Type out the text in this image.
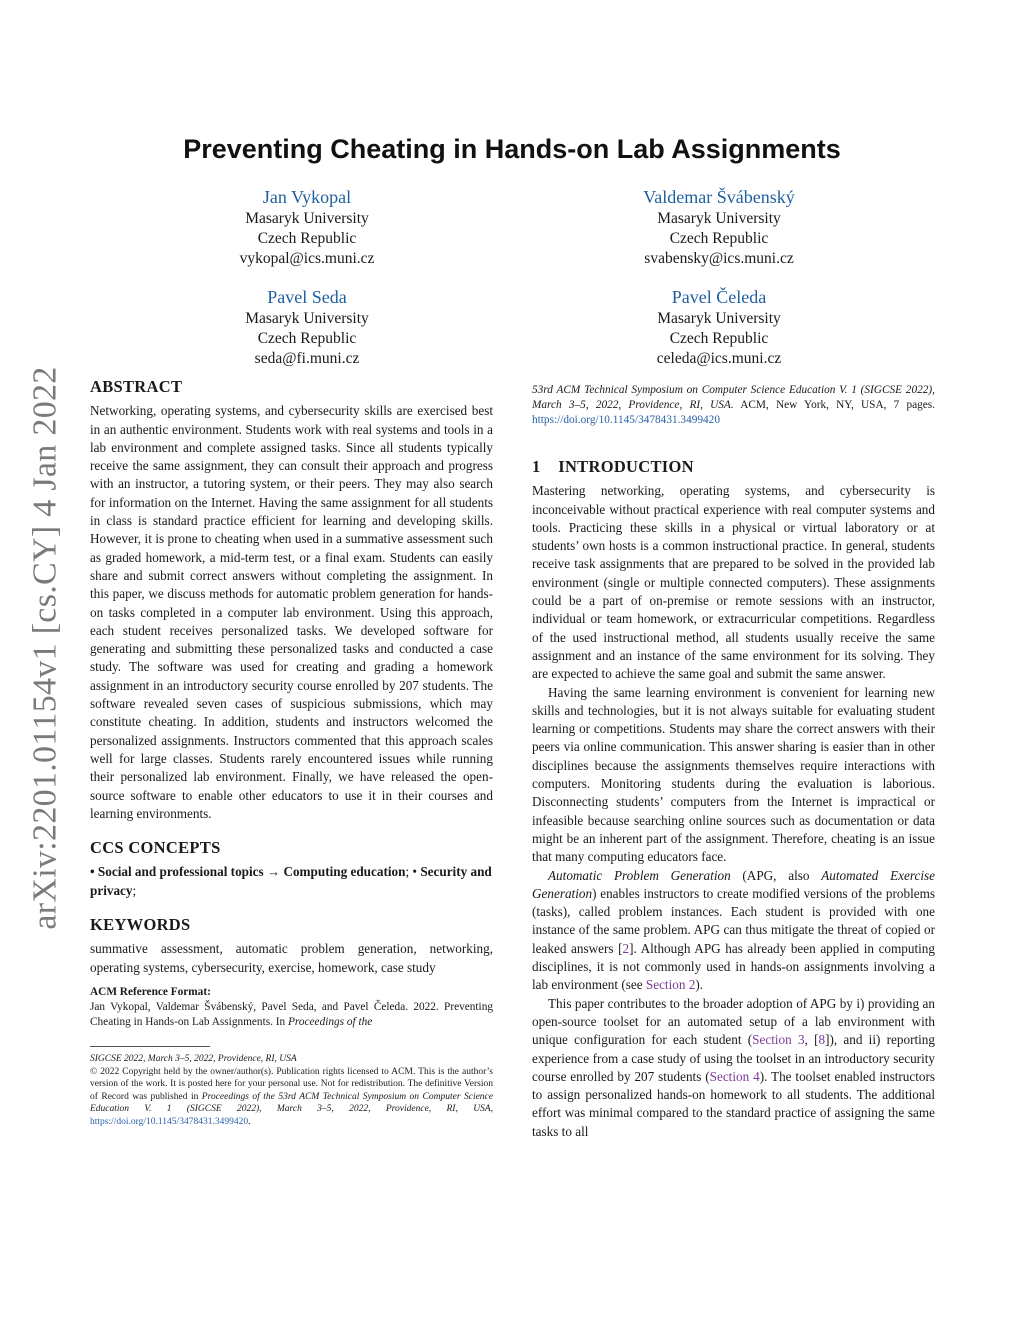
arXiv:2201.01154v1 [cs.CY] 4 Jan 2022
Preventing Cheating in Hands-on Lab Assignments
Jan Vykopal
Masaryk University
Czech Republic
vykopal@ics.muni.cz
Valdemar Švábenský
Masaryk University
Czech Republic
svabensky@ics.muni.cz
Pavel Seda
Masaryk University
Czech Republic
seda@fi.muni.cz
Pavel Čeleda
Masaryk University
Czech Republic
celeda@ics.muni.cz
ABSTRACT

Networking, operating systems, and cybersecurity skills are exercised best in an authentic environment. Students work with real systems and tools in a lab environment and complete assigned tasks. Since all students typically receive the same assignment, they can consult their approach and progress with an instructor, a tutoring system, or their peers. They may also search for information on the Internet. Having the same assignment for all students in class is standard practice efficient for learning and developing skills. However, it is prone to cheating when used in a summative assessment such as graded homework, a mid-term test, or a final exam. Students can easily share and submit correct answers without completing the assignment. In this paper, we discuss methods for automatic problem generation for hands-on tasks completed in a computer lab environment. Using this approach, each student receives personalized tasks. We developed software for generating and submitting these personalized tasks and conducted a case study. The software was used for creating and grading a homework assignment in an introductory security course enrolled by 207 students. The software revealed seven cases of suspicious submissions, which may constitute cheating. In addition, students and instructors welcomed the personalized assignments. Instructors commented that this approach scales well for large classes. Students rarely encountered issues while running their personalized lab environment. Finally, we have released the open-source software to enable other educators to use it in their courses and learning environments.

CCS CONCEPTS

• Social and professional topics → Computing education; • Security and privacy;

KEYWORDS

summative assessment, automatic problem generation, networking, operating systems, cybersecurity, exercise, homework, case study

ACM Reference Format:

Jan Vykopal, Valdemar Švábenský, Pavel Seda, and Pavel Čeleda. 2022. Preventing Cheating in Hands-on Lab Assignments. In Proceedings of the

SIGCSE 2022, March 3–5, 2022, Providence, RI, USA

© 2022 Copyright held by the owner/author(s). Publication rights licensed to ACM. This is the author’s version of the work. It is posted here for your personal use. Not for redistribution. The definitive Version of Record was published in Proceedings of the 53rd ACM Technical Symposium on Computer Science Education V. 1 (SIGCSE 2022), March 3–5, 2022, Providence, RI, USA, https://doi.org/10.1145/3478431.3499420.

53rd ACM Technical Symposium on Computer Science Education V. 1 (SIGCSE 2022), March 3–5, 2022, Providence, RI, USA. ACM, New York, NY, USA, 7 pages. https://doi.org/10.1145/3478431.3499420

1    INTRODUCTION

Mastering networking, operating systems, and cybersecurity is inconceivable without practical experience with real computer systems and tools. Practicing these skills in a physical or virtual laboratory or at students’ own hosts is a common instructional practice. In general, students receive task assignments that are prepared to be solved in the provided lab environment (single or multiple connected computers). These assignments could be a part of on-premise or remote sessions with an instructor, individual or team homework, or extracurricular competitions. Regardless of the used instructional method, all students usually receive the same assignment and an instance of the same environment for its solving. They are expected to achieve the same goal and submit the same answer.

Having the same learning environment is convenient for learning new skills and technologies, but it is not always suitable for evaluating student learning or competitions. Students may share the correct answers with their peers via online communication. This answer sharing is easier than in other disciplines because the assignments themselves require interactions with computers. Monitoring students during the evaluation is laborious. Disconnecting students’ computers from the Internet is impractical or infeasible because searching online sources such as documentation or data might be an inherent part of the assignment. Therefore, cheating is an issue that many computing educators face.

Automatic Problem Generation (APG, also Automated Exercise Generation) enables instructors to create modified versions of the problems (tasks), called problem instances. Each student is provided with one instance of the same problem. APG can thus mitigate the threat of copied or leaked answers [2]. Although APG has already been applied in computing disciplines, it is not commonly used in hands-on assignments involving a lab environment (see Section 2).

This paper contributes to the broader adoption of APG by i) providing an open-source toolset for an automated setup of a lab environment with unique configuration for each student (Section 3, [8]), and ii) reporting experience from a case study of using the toolset in an introductory security course enrolled by 207 students (Section 4). The toolset enabled instructors to assign personalized hands-on homework to all students. The additional effort was minimal compared to the standard practice of assigning the same tasks to all
